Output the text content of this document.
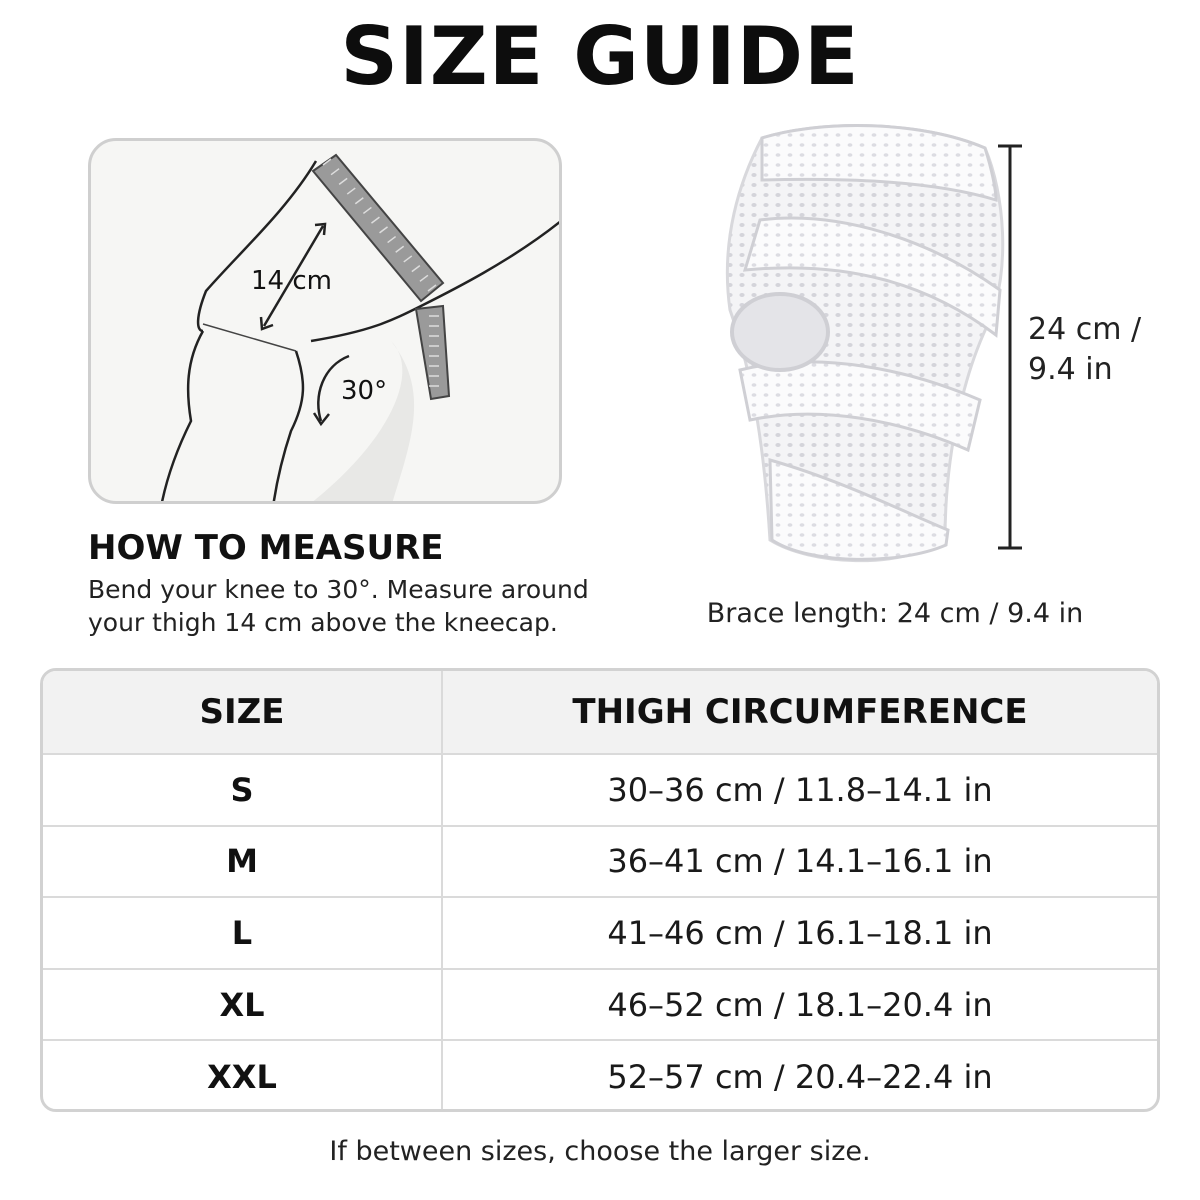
SIZE GUIDE
14 cm
30°
HOW TO MEASURE
Bend your knee to 30°. Measure around
your thigh 14 cm above the kneecap.
24 cm /
9.4 in
Brace length: 24 cm / 9.4 in
SIZE	THIGH CIRCUMFERENCE
S	30–36 cm / 11.8–14.1 in
M	36–41 cm / 14.1–16.1 in
L	41–46 cm / 16.1–18.1 in
XL	46–52 cm / 18.1–20.4 in
XXL	52–57 cm / 20.4–22.4 in
If between sizes, choose the larger size.
